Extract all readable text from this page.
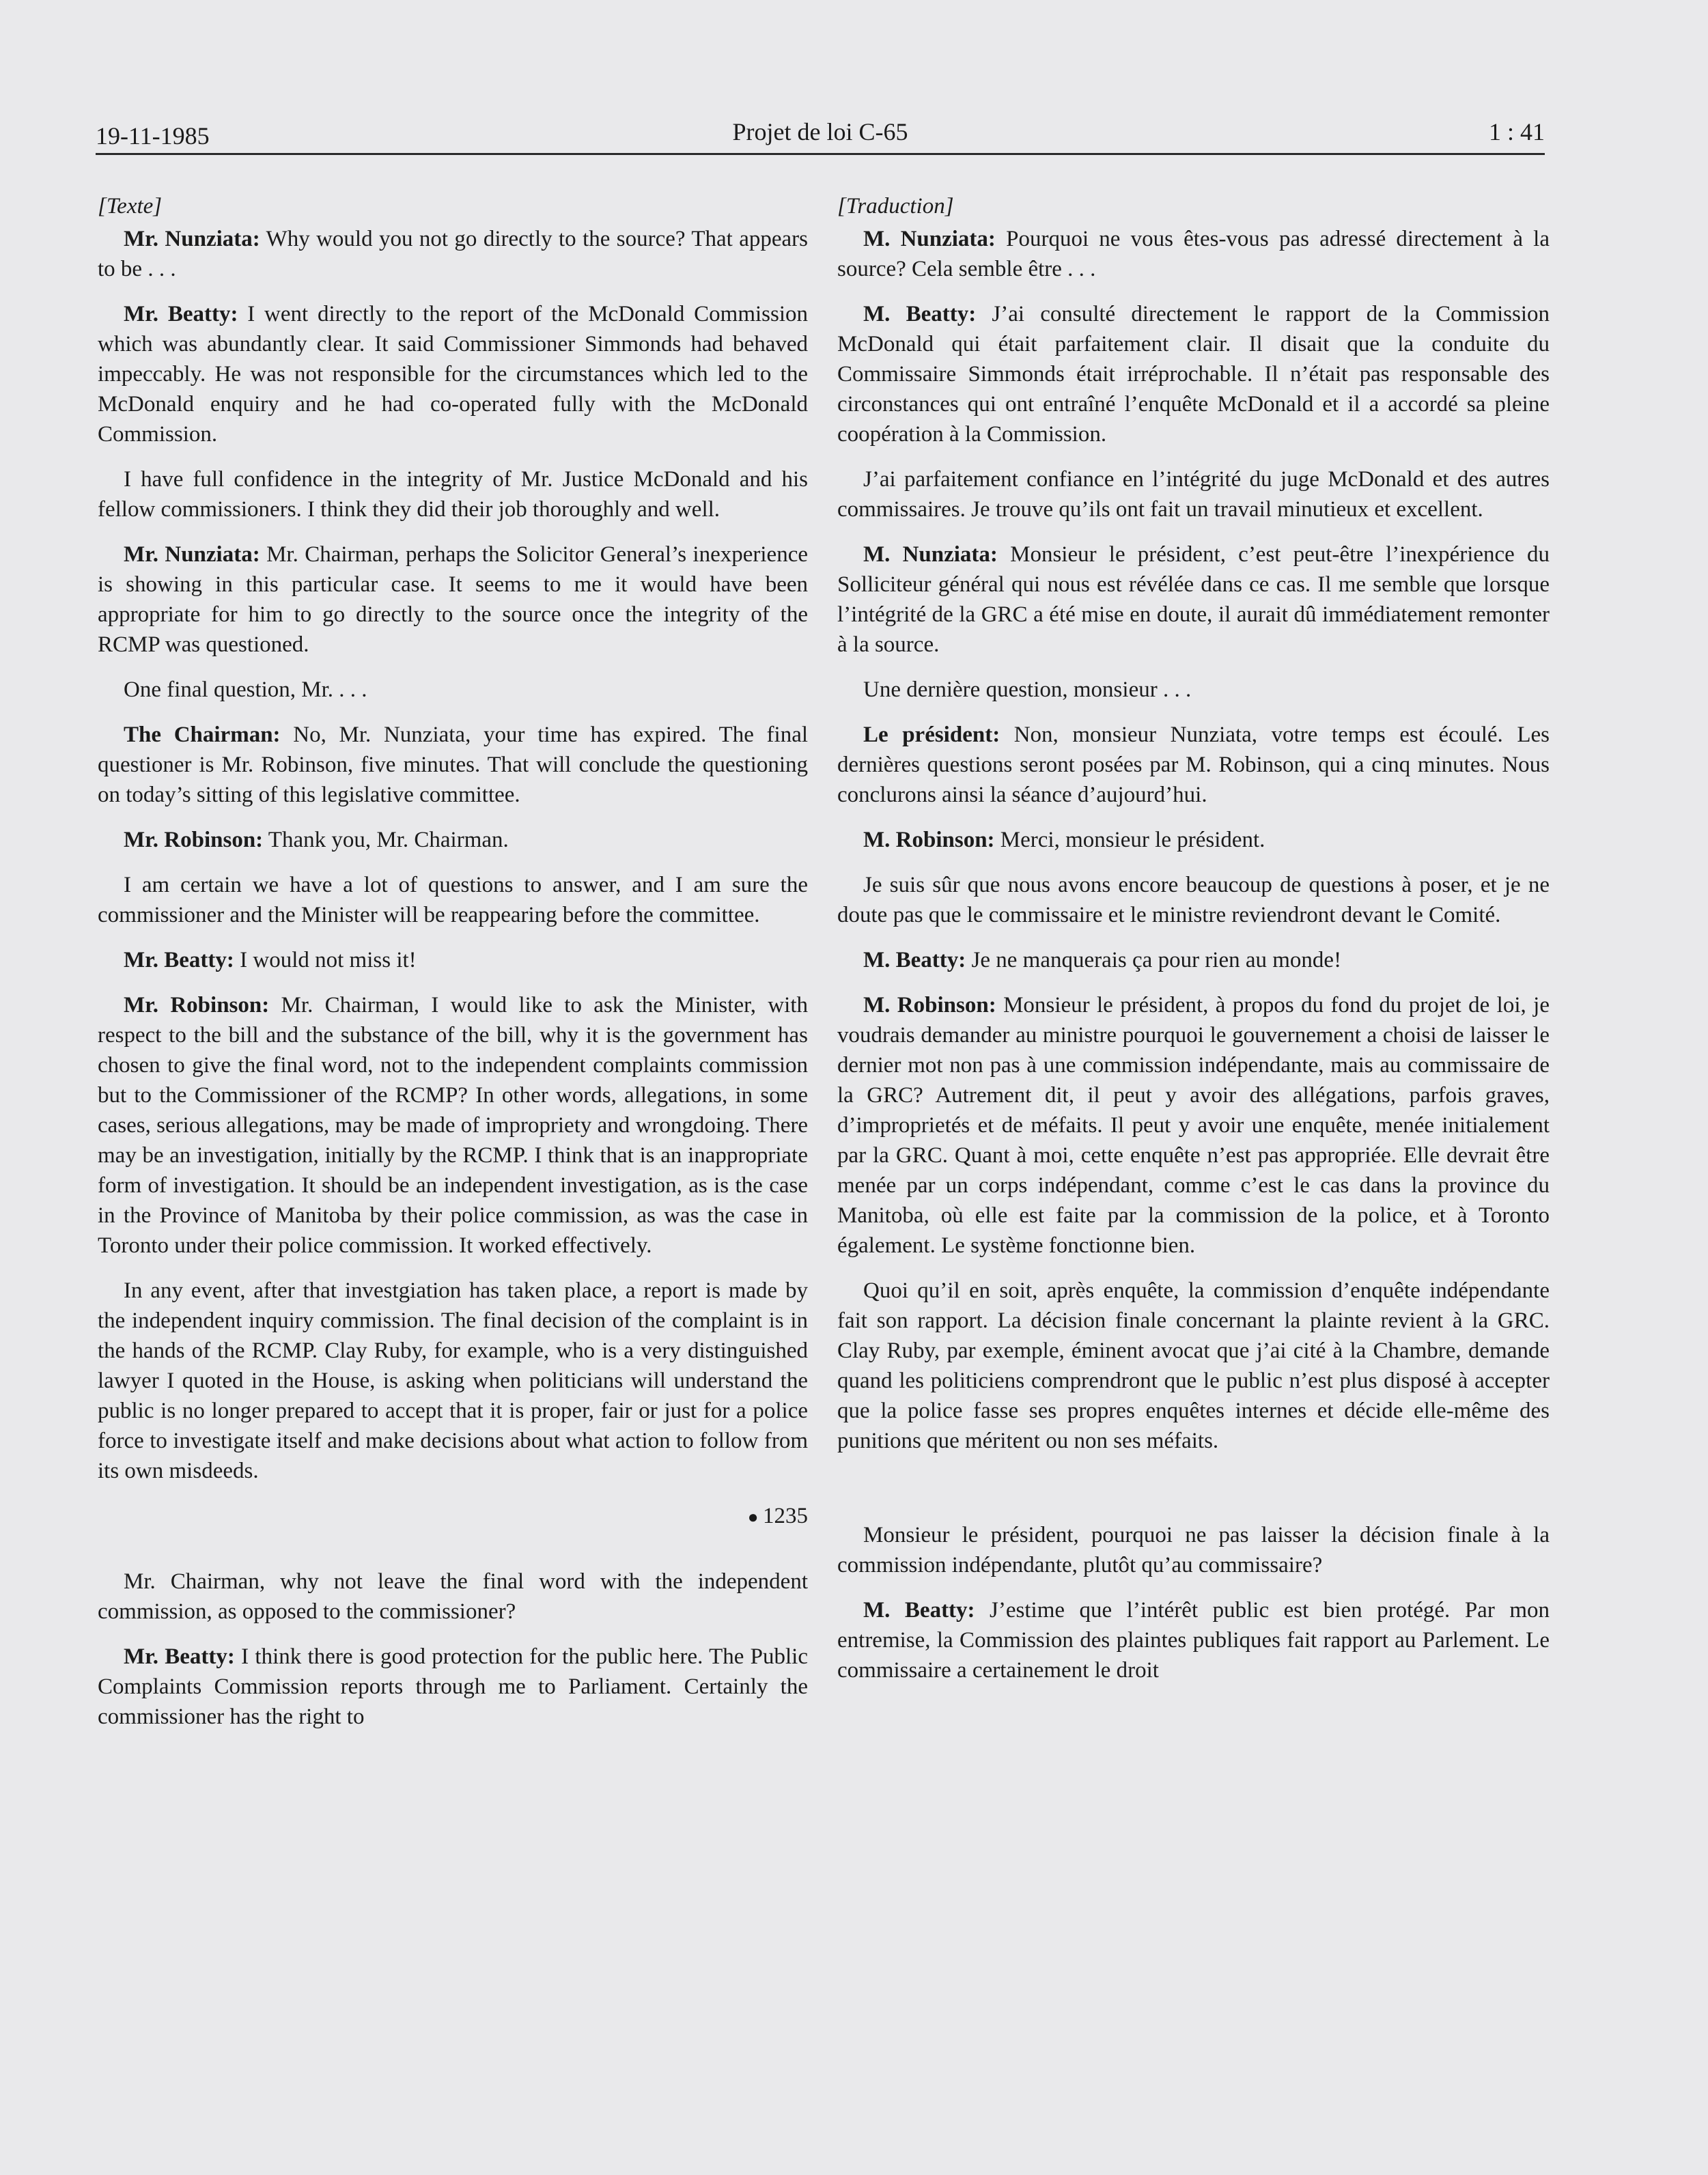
19-11-1985	Projet de loi C-65	1 : 41

[Texte]

Mr. Nunziata: Why would you not go directly to the source? That appears to be . . .

Mr. Beatty: I went directly to the report of the McDonald Commission which was abundantly clear. It said Commissioner Simmonds had behaved impeccably. He was not responsible for the circumstances which led to the McDonald enquiry and he had co-operated fully with the McDonald Commission.

I have full confidence in the integrity of Mr. Justice McDonald and his fellow commissioners. I think they did their job thoroughly and well.

Mr. Nunziata: Mr. Chairman, perhaps the Solicitor General’s inexperience is showing in this particular case. It seems to me it would have been appropriate for him to go directly to the source once the integrity of the RCMP was questioned.

One final question, Mr. . . .

The Chairman: No, Mr. Nunziata, your time has expired. The final questioner is Mr. Robinson, five minutes. That will conclude the questioning on today’s sitting of this legislative committee.

Mr. Robinson: Thank you, Mr. Chairman.

I am certain we have a lot of questions to answer, and I am sure the commissioner and the Minister will be reappearing before the committee.

Mr. Beatty: I would not miss it!

Mr. Robinson: Mr. Chairman, I would like to ask the Minister, with respect to the bill and the substance of the bill, why it is the government has chosen to give the final word, not to the independent complaints commission but to the Commissioner of the RCMP? In other words, allegations, in some cases, serious allegations, may be made of impropriety and wrongdoing. There may be an investigation, initially by the RCMP. I think that is an inappropriate form of investigation. It should be an independent investigation, as is the case in the Province of Manitoba by their police commission, as was the case in Toronto under their police commission. It worked effectively.

In any event, after that investgiation has taken place, a report is made by the independent inquiry commission. The final decision of the complaint is in the hands of the RCMP. Clay Ruby, for example, who is a very distinguished lawyer I quoted in the House, is asking when politicians will understand the public is no longer prepared to accept that it is proper, fair or just for a police force to investigate itself and make decisions about what action to follow from its own misdeeds.

● 1235

Mr. Chairman, why not leave the final word with the independent commission, as opposed to the commissioner?

Mr. Beatty: I think there is good protection for the public here. The Public Complaints Commission reports through me to Parliament. Certainly the commissioner has the right to

[Traduction]

M. Nunziata: Pourquoi ne vous êtes-vous pas adressé directement à la source? Cela semble être . . .

M. Beatty: J’ai consulté directement le rapport de la Commission McDonald qui était parfaitement clair. Il disait que la conduite du Commissaire Simmonds était irréprochable. Il n’était pas responsable des circonstances qui ont entraîné l’enquête McDonald et il a accordé sa pleine coopération à la Commission.

J’ai parfaitement confiance en l’intégrité du juge McDonald et des autres commissaires. Je trouve qu’ils ont fait un travail minutieux et excellent.

M. Nunziata: Monsieur le président, c’est peut-être l’inexpérience du Solliciteur général qui nous est révélée dans ce cas. Il me semble que lorsque l’intégrité de la GRC a été mise en doute, il aurait dû immédiatement remonter à la source.

Une dernière question, monsieur . . .

Le président: Non, monsieur Nunziata, votre temps est écoulé. Les dernières questions seront posées par M. Robinson, qui a cinq minutes. Nous conclurons ainsi la séance d’aujourd’hui.

M. Robinson: Merci, monsieur le président.

Je suis sûr que nous avons encore beaucoup de questions à poser, et je ne doute pas que le commissaire et le ministre reviendront devant le Comité.

M. Beatty: Je ne manquerais ça pour rien au monde!

M. Robinson: Monsieur le président, à propos du fond du projet de loi, je voudrais demander au ministre pourquoi le gouvernement a choisi de laisser le dernier mot non pas à une commission indépendante, mais au commissaire de la GRC? Autrement dit, il peut y avoir des allégations, parfois graves, d’improprietés et de méfaits. Il peut y avoir une enquête, menée initialement par la GRC. Quant à moi, cette enquête n’est pas appropriée. Elle devrait être menée par un corps indépendant, comme c’est le cas dans la province du Manitoba, où elle est faite par la commission de la police, et à Toronto également. Le système fonctionne bien.

Quoi qu’il en soit, après enquête, la commission d’enquête indépendante fait son rapport. La décision finale concernant la plainte revient à la GRC. Clay Ruby, par exemple, éminent avocat que j’ai cité à la Chambre, demande quand les politiciens comprendront que le public n’est plus disposé à accepter que la police fasse ses propres enquêtes internes et décide elle-même des punitions que méritent ou non ses méfaits.

Monsieur le président, pourquoi ne pas laisser la décision finale à la commission indépendante, plutôt qu’au commissaire?

M. Beatty: J’estime que l’intérêt public est bien protégé. Par mon entremise, la Commission des plaintes publiques fait rapport au Parlement. Le commissaire a certainement le droit
